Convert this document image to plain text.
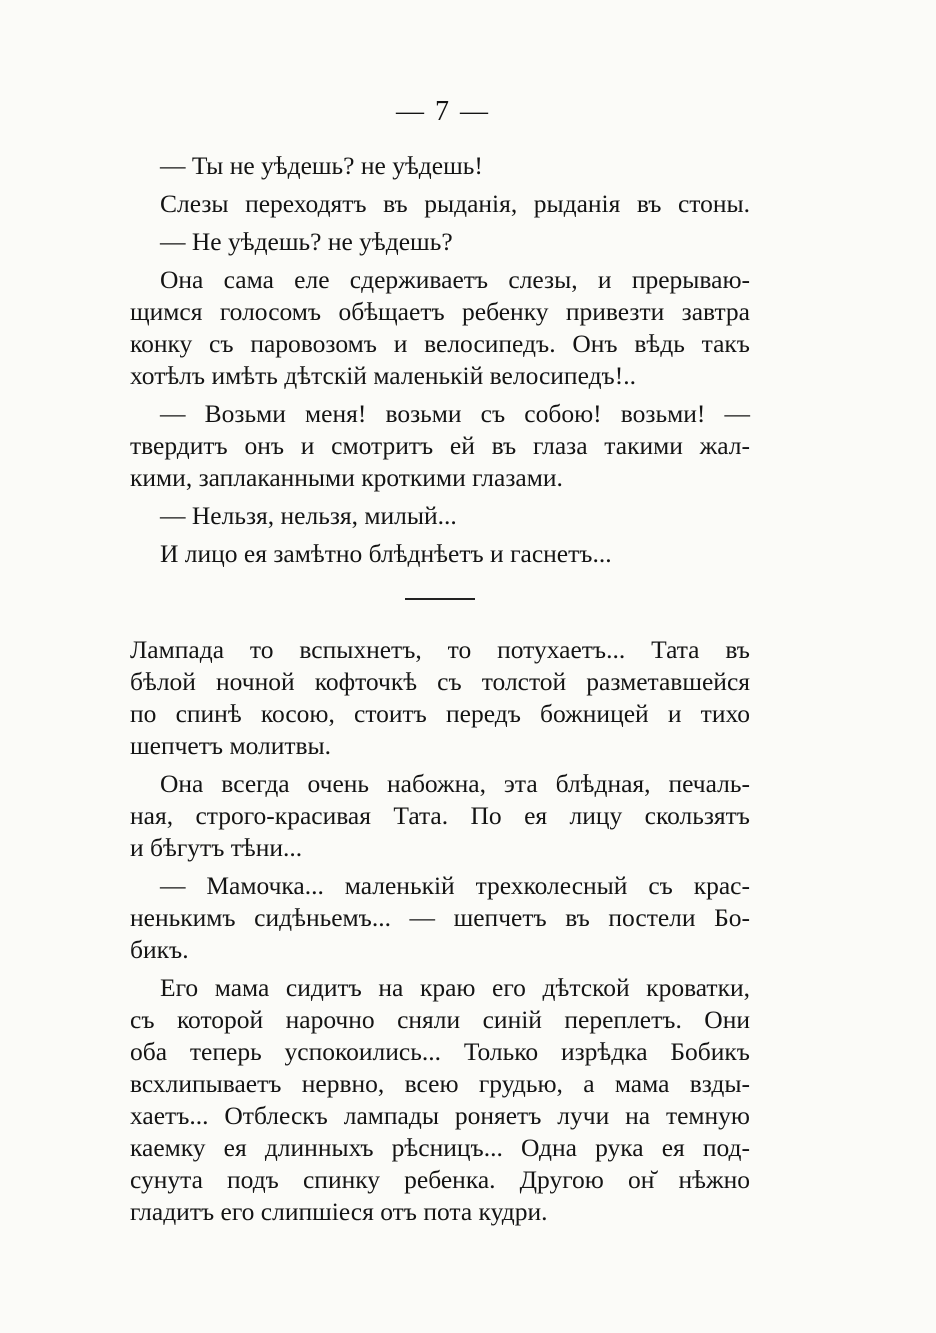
— 7 —
— Ты не уѣдешь? не уѣдешь!
Слезы переходятъ въ рыданія, рыданія въ стоны.
— Не уѣдешь? не уѣдешь?
Она сама еле сдерживаетъ слезы, и прерываю-
щимся голосомъ обѣщаетъ ребенку привезти завтра
конку съ паровозомъ и велосипедъ. Онъ вѣдь такъ
хотѣлъ имѣть дѣтскій маленькій велосипедъ!..
— Возьми меня! возьми съ собою! возьми! —
твердитъ онъ и смотритъ ей въ глаза такими жал-
кими, заплаканными кроткими глазами.
— Нельзя, нельзя, милый...
И лицо ея замѣтно блѣднѣетъ и гаснетъ...
Лампада то вспыхнетъ, то потухаетъ... Тата въ
бѣлой ночной кофточкѣ съ толстой разметавшейся
по спинѣ косою, стоитъ передъ божницей и тихо
шепчетъ молитвы.
Она всегда очень набожна, эта блѣдная, печаль-
ная, строго-красивая Тата. По ея лицу скользятъ
и бѣгутъ тѣни...
— Мамочка... маленькій трехколесный съ крас-
ненькимъ сидѣньемъ... — шепчетъ въ постели Бо-
бикъ.
Его мама сидитъ на краю его дѣтской кроватки,
съ которой нарочно сняли синій переплетъ. Они
оба теперь успокоились... Только изрѣдка Бобикъ
всхлипываетъ нервно, всею грудью, а мама взды-
хаетъ... Отблескъ лампады роняетъ лучи на темную
каемку ея длинныхъ рѣсницъ... Одна рука ея под-
сунута подъ спинку ребенка. Другою он̆ нѣжно
гладитъ его слипшіеся отъ пота кудри.
